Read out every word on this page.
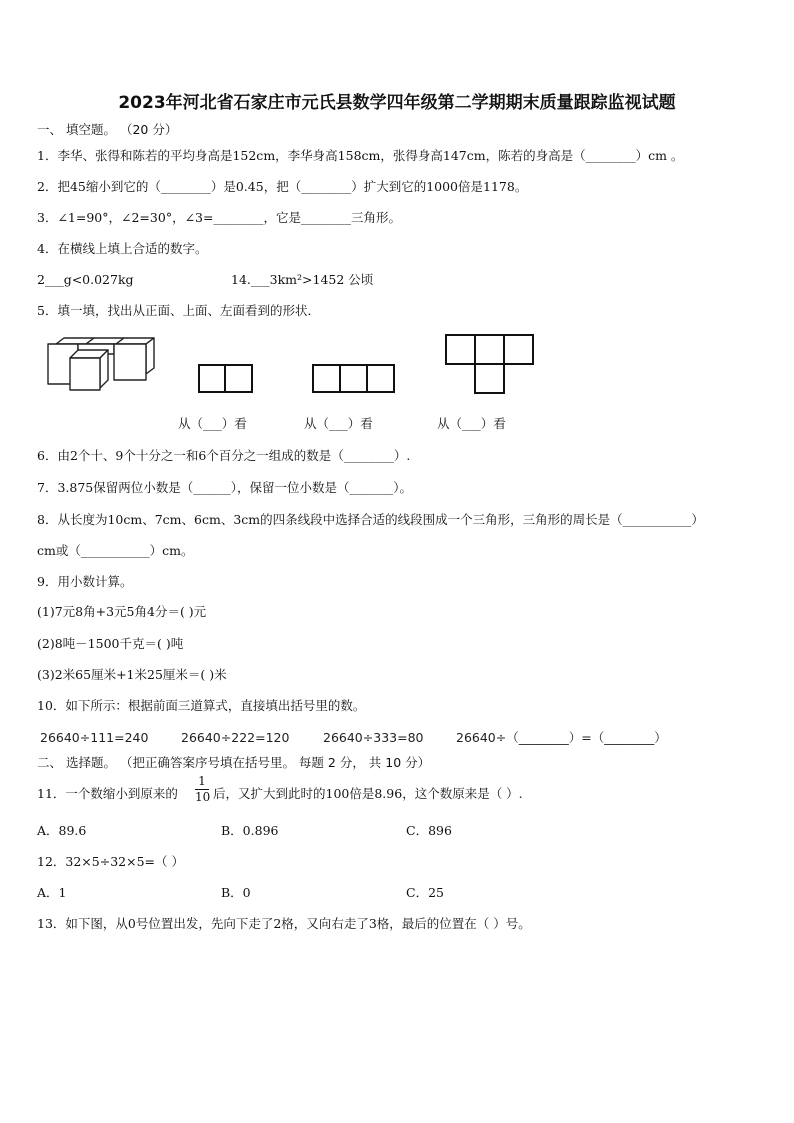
2023年河北省石家庄市元氏县数学四年级第二学期期末质量跟踪监视试题
一、 填空题。 （20 分）
1．李华、张得和陈若的平均身高是152cm，李华身高158cm，张得身高147cm，陈若的身高是（________）cm 。
2．把45缩小到它的（________）是0.45，把（________）扩大到它的1000倍是1178。
3．∠1=90°，∠2=30°，∠3=________，它是________三角形。
4．在横线上填上合适的数字。
2___g<0.027kg	14.___3km²>1452 公顷
5．填一填，找出从正面、上面、左面看到的形状．
从（___）看	从（___）看	从（___）看
6．由2个十、9个十分之一和6个百分之一组成的数是（________）.
7．3.875保留两位小数是（______），保留一位小数是（_______）。
8．从长度为10cm、7cm、6cm、3cm的四条线段中选择合适的线段围成一个三角形，三角形的周长是（___________）
cm或（___________）cm。
9．用小数计算。
(1)7元8角+3元5角4分＝( )元
(2)8吨－1500千克＝( )吨
(3)2米65厘米+1米25厘米＝( )米
10．如下所示：根据前面三道算式，直接填出括号里的数。
26640÷111=240	26640÷222=120	26640÷333=80	26640÷（________）=（________）
二、 选择题。 （把正确答案序号填在括号里。 每题 2 分， 共 10 分）
11．一个数缩小到原来的
1
10 后，又扩大到此时的100倍是8.96，这个数原来是（ ）.
A．89.6	B．0.896	C．896
12．32×5÷32×5=（ ）
A．1	B．0	C．25
13．如下图，从0号位置出发，先向下走了2格，又向右走了3格，最后的位置在（ ）号。
